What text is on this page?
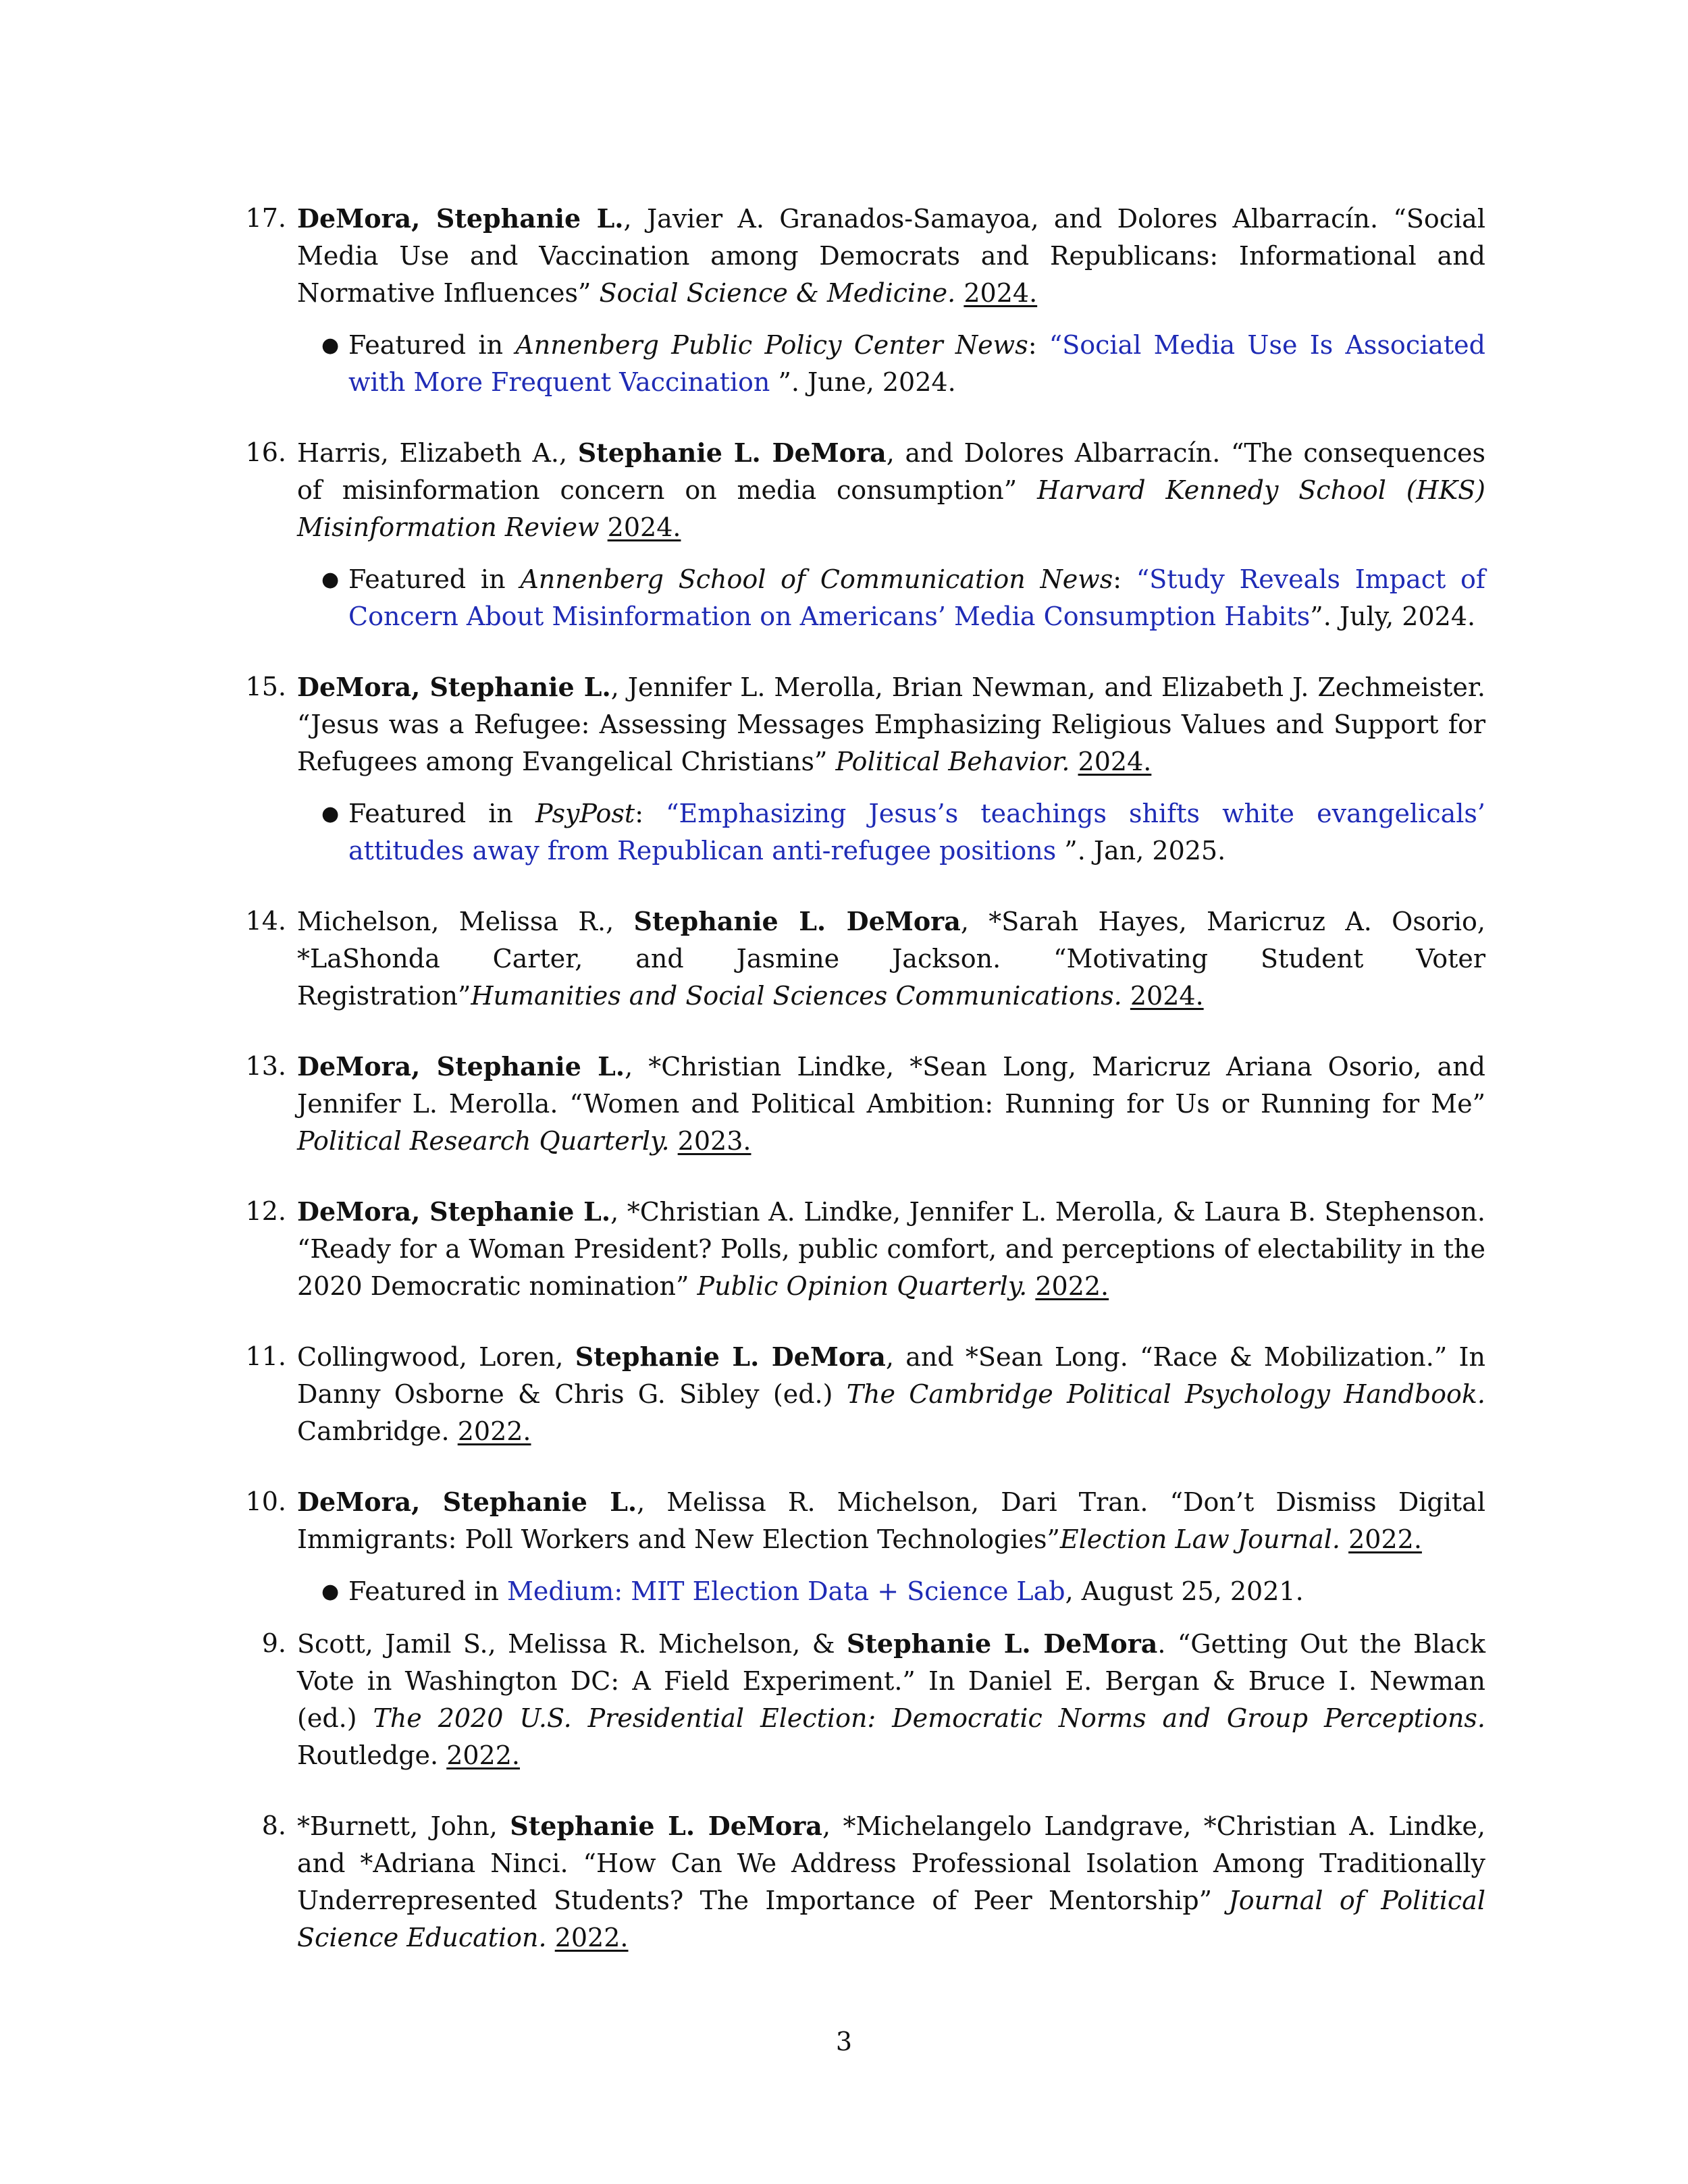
17. DeMora, Stephanie L., Javier A. Granados-Samayoa, and Dolores Albarracín. “Social Media Use and Vaccination among Democrats and Republicans: Informational and Normative Influences” Social Science & Medicine. 2024.
● Featured in Annenberg Public Policy Center News: “Social Media Use Is Associated with More Frequent Vaccination ”. June, 2024.
16. Harris, Elizabeth A., Stephanie L. DeMora, and Dolores Albarracín. “The consequences of misinformation concern on media consumption” Harvard Kennedy School (HKS) Misinformation Review 2024.
● Featured in Annenberg School of Communication News: “Study Reveals Impact of Concern About Misinformation on Americans’ Media Consumption Habits”. July, 2024.
15. DeMora, Stephanie L., Jennifer L. Merolla, Brian Newman, and Elizabeth J. Zechmeister. “Jesus was a Refugee: Assessing Messages Emphasizing Religious Values and Support for Refugees among Evangelical Christians” Political Behavior. 2024.
● Featured in PsyPost: “Emphasizing Jesus’s teachings shifts white evangelicals’ attitudes away from Republican anti-refugee positions ”. Jan, 2025.
14. Michelson, Melissa R., Stephanie L. DeMora, *Sarah Hayes, Maricruz A. Osorio, *LaShonda Carter, and Jasmine Jackson. “Motivating Student Voter Registration”Humanities and Social Sciences Communications. 2024.
13. DeMora, Stephanie L., *Christian Lindke, *Sean Long, Maricruz Ariana Osorio, and Jennifer L. Merolla. “Women and Political Ambition: Running for Us or Running for Me” Political Research Quarterly. 2023.
12. DeMora, Stephanie L., *Christian A. Lindke, Jennifer L. Merolla, & Laura B. Stephenson. “Ready for a Woman President? Polls, public comfort, and perceptions of electability in the 2020 Democratic nomination” Public Opinion Quarterly. 2022.
11. Collingwood, Loren, Stephanie L. DeMora, and *Sean Long. “Race & Mobilization.” In Danny Osborne & Chris G. Sibley (ed.) The Cambridge Political Psychology Handbook. Cambridge. 2022.
10. DeMora, Stephanie L., Melissa R. Michelson, Dari Tran. “Don’t Dismiss Digital Immigrants: Poll Workers and New Election Technologies”Election Law Journal. 2022.
● Featured in Medium: MIT Election Data + Science Lab, August 25, 2021.
9. Scott, Jamil S., Melissa R. Michelson, & Stephanie L. DeMora. “Getting Out the Black Vote in Washington DC: A Field Experiment.” In Daniel E. Bergan & Bruce I. Newman (ed.) The 2020 U.S. Presidential Election: Democratic Norms and Group Perceptions. Routledge. 2022.
8. *Burnett, John, Stephanie L. DeMora, *Michelangelo Landgrave, *Christian A. Lindke, and *Adriana Ninci. “How Can We Address Professional Isolation Among Traditionally Underrepresented Students? The Importance of Peer Mentorship” Journal of Political Science Education. 2022.
3
